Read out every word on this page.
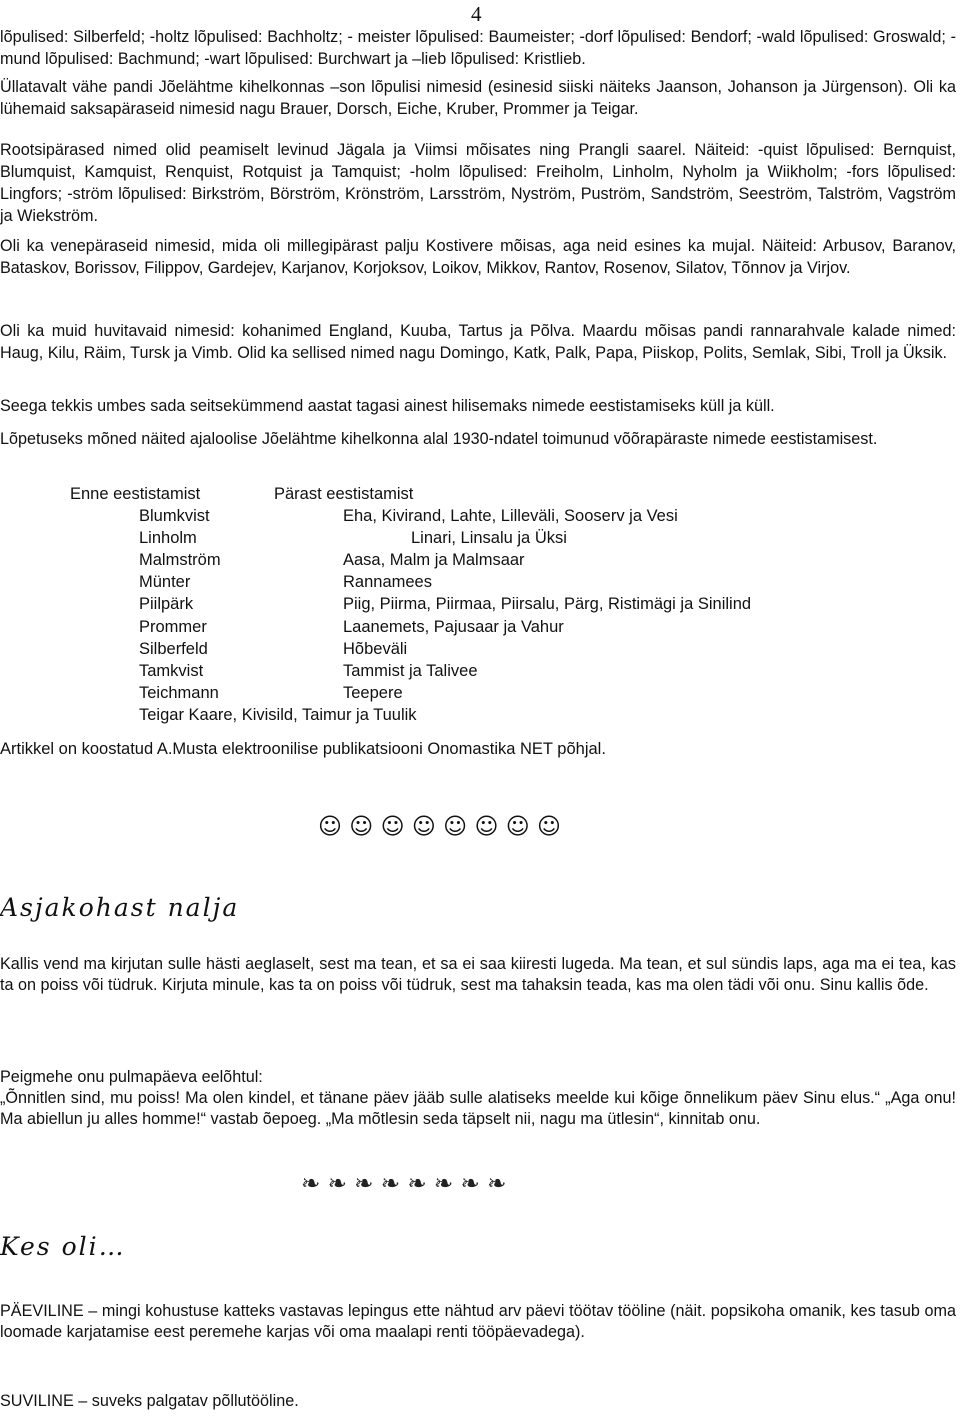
4

lõpulised: Silberfeld; -holtz lõpulised: Bachholtz; - meister lõpulised: Baumeister; -dorf lõpulised: Bendorf; -wald lõpulised: Groswald; -mund lõpulised: Bachmund; -wart lõpulised: Burchwart ja –lieb lõpulised: Kristlieb.

Üllatavalt vähe pandi Jõelähtme kihelkonnas –son lõpulisi nimesid (esinesid siiski näiteks Jaanson, Johanson ja Jürgenson). Oli ka lühemaid saksapäraseid nimesid nagu Brauer, Dorsch, Eiche, Kruber, Prommer ja Teigar.

Rootsipärased nimed olid peamiselt levinud Jägala ja Viimsi mõisates ning Prangli saarel. Näiteid: -quist lõpulised: Bernquist, Blumquist, Kamquist, Renquist, Rotquist ja Tamquist; -holm lõpulised: Freiholm, Linholm, Nyholm ja Wiikholm; -fors lõpulised: Lingfors; -ström lõpulised: Birkström, Börström, Krönström, Larsström, Nyström, Puström, Sandström, Seeström, Talström, Vagström ja Wiekström.

Oli ka venepäraseid nimesid, mida oli millegipärast palju Kostivere mõisas, aga neid esines ka mujal. Näiteid: Arbusov, Baranov, Bataskov, Borissov, Filippov, Gardejev, Karjanov, Korjoksov, Loikov, Mikkov, Rantov, Rosenov, Silatov, Tõnnov ja Virjov.

Oli ka muid huvitavaid nimesid: kohanimed England, Kuuba, Tartus ja Põlva. Maardu mõisas pandi rannarahvale kalade nimed: Haug, Kilu, Räim, Tursk ja Vimb. Olid ka sellised nimed nagu Domingo, Katk, Palk, Papa, Piiskop, Polits, Semlak, Sibi, Troll ja Üksik.

Seega tekkis umbes sada seitsekümmend aastat tagasi ainest hilisemaks nimede eestistamiseks küll ja küll.

Lõpetuseks mõned näited ajaloolise Jõelähtme kihelkonna alal 1930-ndatel toimunud võõrapäraste nimede eestistamisest.

Enne eestistamist	Pärast eestistamist
Blumkvist	Eha, Kivirand, Lahte, Lilleväli, Sooserv ja Vesi
Linholm	Linari, Linsalu ja Üksi
Malmström	Aasa, Malm ja Malmsaar
Münter	Rannamees
Piilpärk	Piig, Piirma, Piirmaa, Piirsalu, Pärg, Ristimägi ja Sinilind
Prommer	Laanemets, Pajusaar ja Vahur
Silberfeld	Hõbeväli
Tamkvist	Tammist ja Talivee
Teichmann	Teepere
Teigar Kaare, Kivisild, Taimur ja Tuulik

Artikkel on koostatud A.Musta elektroonilise publikatsiooni Onomastika NET põhjal.

☺ ☺ ☺ ☺ ☺ ☺ ☺ ☺
Asjakohast nalja

Kallis vend ma kirjutan sulle hästi aeglaselt, sest ma tean, et sa ei saa kiiresti lugeda. Ma tean, et sul sündis laps, aga ma ei tea, kas ta on poiss või tüdruk. Kirjuta minule, kas ta on poiss või tüdruk, sest ma tahaksin teada, kas ma olen tädi või onu. Sinu kallis õde.

Peigmehe onu pulmapäeva eelõhtul:

„Õnnitlen sind, mu poiss! Ma olen kindel, et tänane päev jääb sulle alatiseks meelde kui kõige õnnelikum päev Sinu elus.“ „Aga onu! Ma abiellun ju alles homme!“ vastab õepoeg. „Ma mõtlesin seda täpselt nii, nagu ma ütlesin“, kinnitab onu.

❧ ❧ ❧ ❧ ❧ ❧ ❧ ❧
Kes oli…

PÄEVILINE – mingi kohustuse katteks vastavas lepingus ette nähtud arv päevi töötav tööline (näit. popsikoha omanik, kes tasub oma loomade karjatamise eest peremehe karjas või oma maalapi renti tööpäevadega).

SUVILINE – suveks palgatav põllutööline.
